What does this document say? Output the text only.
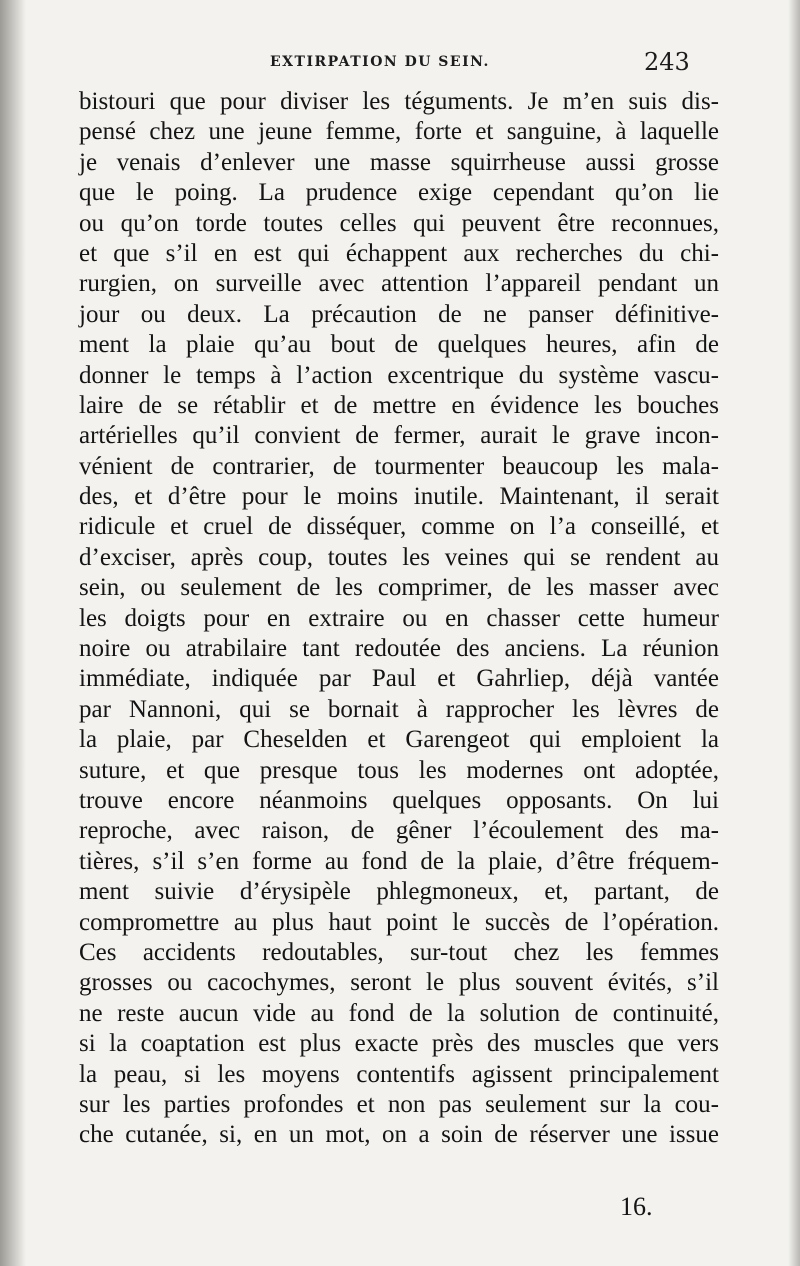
EXTIRPATION DU SEIN.	243
bistouri que pour diviser les téguments. Je m’en suis dis-
pensé chez une jeune femme, forte et sanguine, à laquelle
je venais d’enlever une masse squirrheuse aussi grosse
que le poing. La prudence exige cependant qu’on lie
ou qu’on torde toutes celles qui peuvent être reconnues,
et que s’il en est qui échappent aux recherches du chi-
rurgien, on surveille avec attention l’appareil pendant un
jour ou deux. La précaution de ne panser définitive-
ment la plaie qu’au bout de quelques heures, afin de
donner le temps à l’action excentrique du système vascu-
laire de se rétablir et de mettre en évidence les bouches
artérielles qu’il convient de fermer, aurait le grave incon-
vénient de contrarier, de tourmenter beaucoup les mala-
des, et d’être pour le moins inutile. Maintenant, il serait
ridicule et cruel de disséquer, comme on l’a conseillé, et
d’exciser, après coup, toutes les veines qui se rendent au
sein, ou seulement de les comprimer, de les masser avec
les doigts pour en extraire ou en chasser cette humeur
noire ou atrabilaire tant redoutée des anciens. La réunion
immédiate, indiquée par Paul et Gahrliep, déjà vantée
par Nannoni, qui se bornait à rapprocher les lèvres de
la plaie, par Cheselden et Garengeot qui emploient la
suture, et que presque tous les modernes ont adoptée,
trouve encore néanmoins quelques opposants. On lui
reproche, avec raison, de gêner l’écoulement des ma-
tières, s’il s’en forme au fond de la plaie, d’être fréquem-
ment suivie d’érysipèle phlegmoneux, et, partant, de
compromettre au plus haut point le succès de l’opération.
Ces accidents redoutables, sur-tout chez les femmes
grosses ou cacochymes, seront le plus souvent évités, s’il
ne reste aucun vide au fond de la solution de continuité,
si la coaptation est plus exacte près des muscles que vers
la peau, si les moyens contentifs agissent principalement
sur les parties profondes et non pas seulement sur la cou-
che cutanée, si, en un mot, on a soin de réserver une issue
16.
